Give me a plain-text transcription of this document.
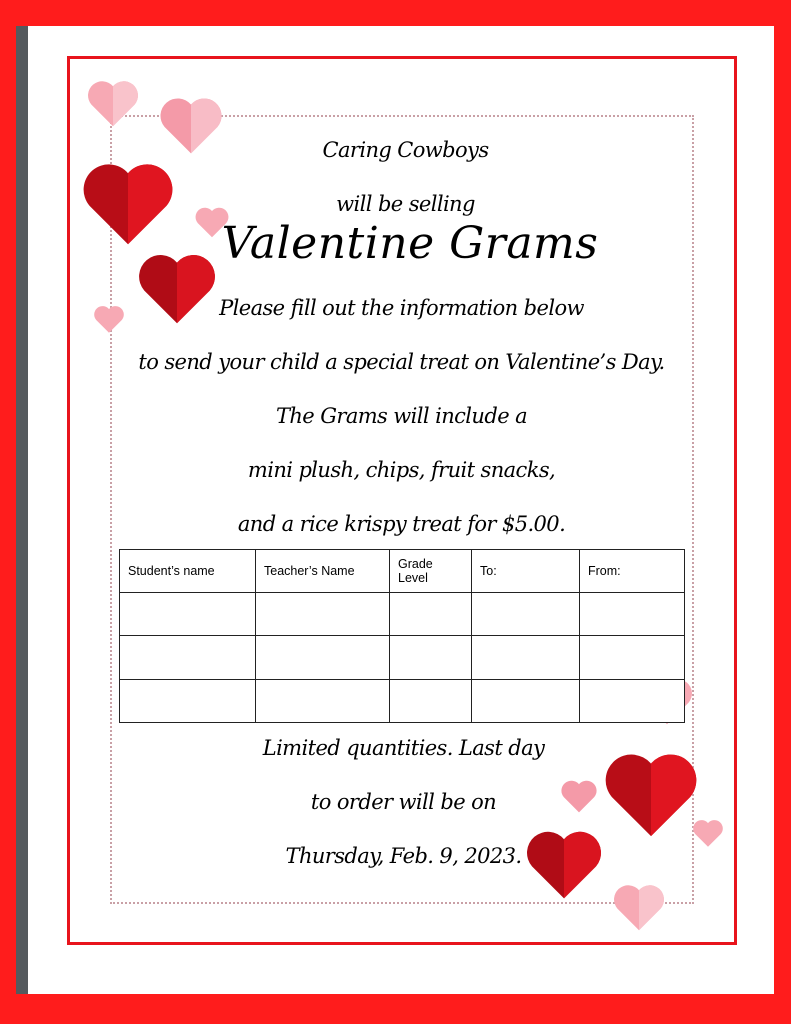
Caring Cowboys
will be selling
Valentine Grams
Please fill out the information below
to send your child a special treat on Valentine’s Day.
The Grams will include a
mini plush, chips, fruit snacks,
and a rice krispy treat for $5.00.
Student’s name	Teacher’s Name	Grade Level	To:	From:

Limited quantities. Last day
to order will be on
Thursday, Feb. 9, 2023.
